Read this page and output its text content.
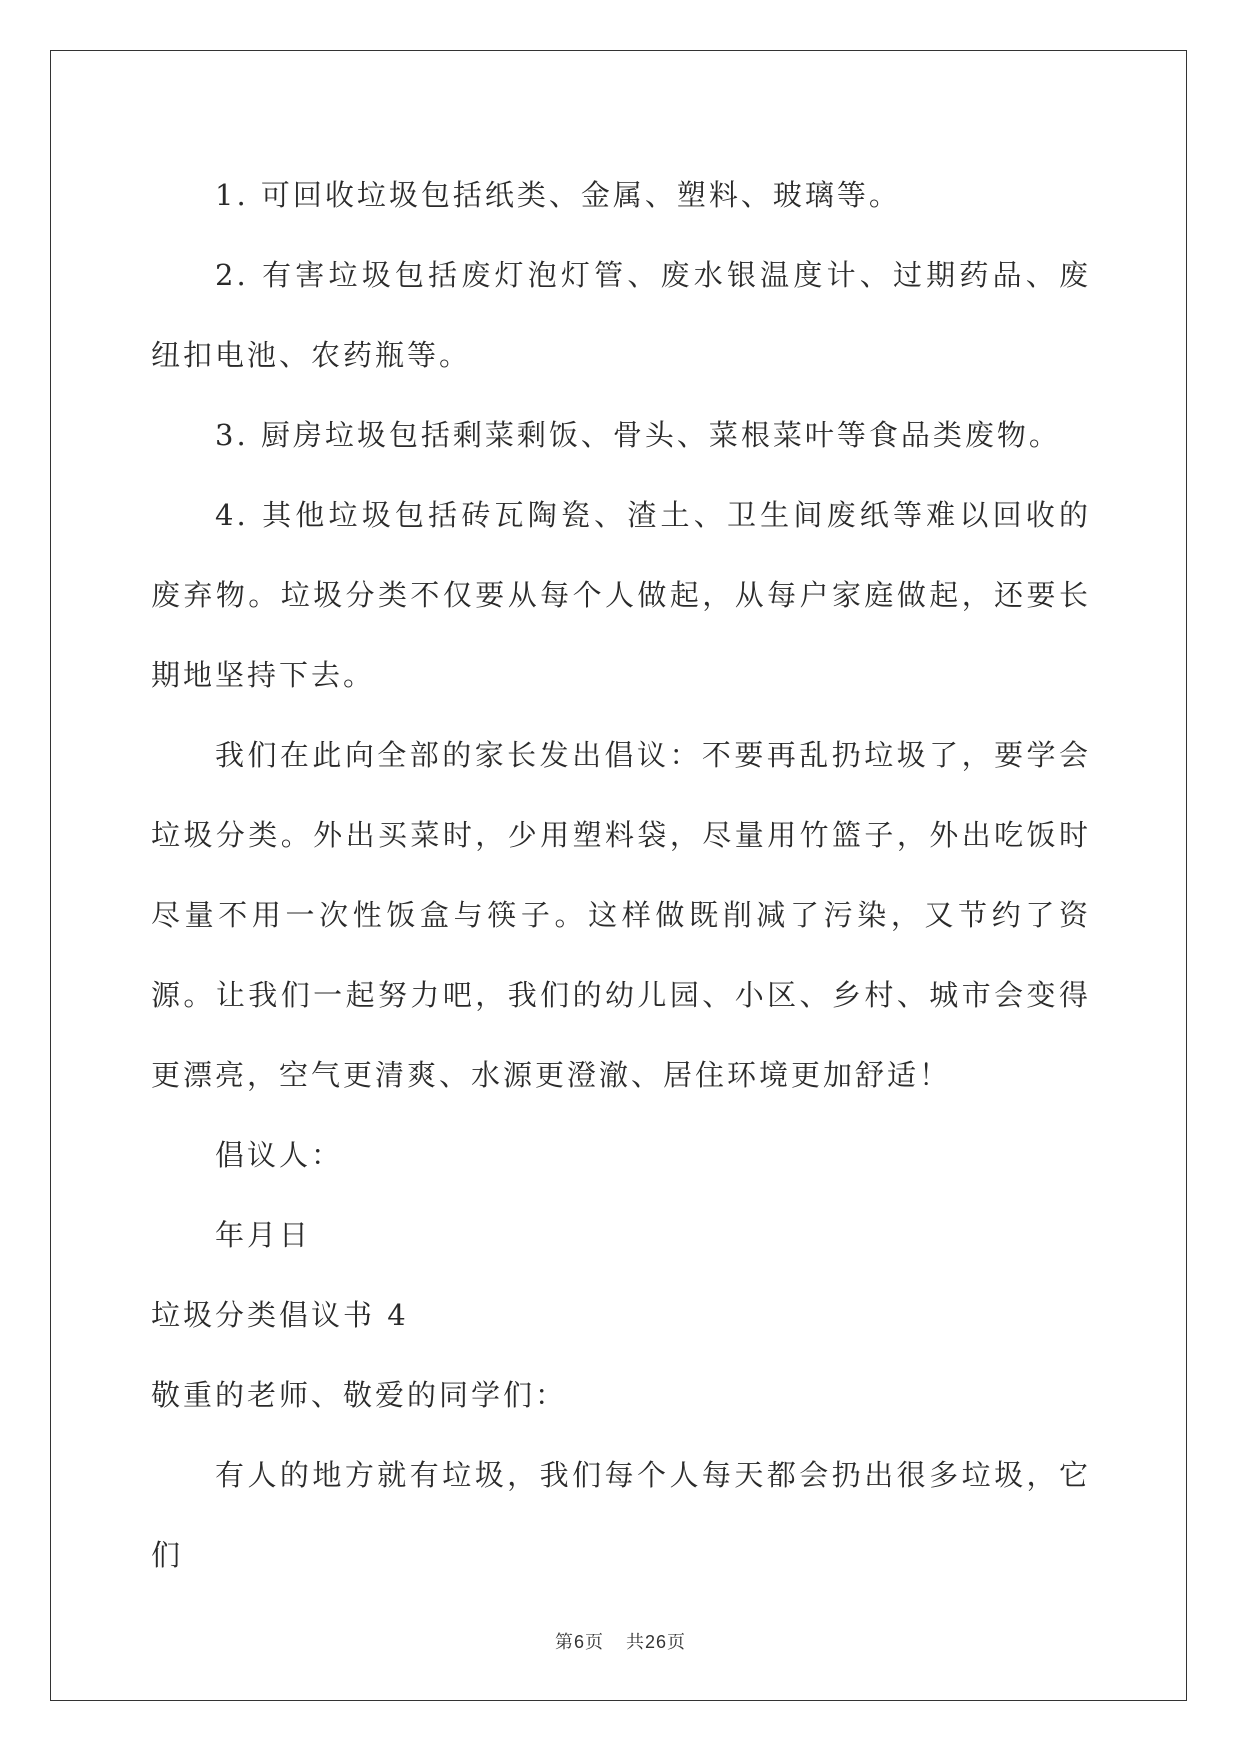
1. 可回收垃圾包括纸类、金属、塑料、玻璃等。

2. 有害垃圾包括废灯泡灯管、废水银温度计、过期药品、废纽扣电池、农药瓶等。

3. 厨房垃圾包括剩菜剩饭、骨头、菜根菜叶等食品类废物。

4. 其他垃圾包括砖瓦陶瓷、渣土、卫生间废纸等难以回收的废弃物。垃圾分类不仅要从每个人做起，从每户家庭做起，还要长期地坚持下去。

我们在此向全部的家长发出倡议：不要再乱扔垃圾了，要学会垃圾分类。外出买菜时，少用塑料袋，尽量用竹篮子，外出吃饭时尽量不用一次性饭盒与筷子。这样做既削减了污染，又节约了资源。让我们一起努力吧，我们的幼儿园、小区、乡村、城市会变得更漂亮，空气更清爽、水源更澄澈、居住环境更加舒适！

倡议人：

年月日

垃圾分类倡议书 4

敬重的老师、敬爱的同学们：

有人的地方就有垃圾，我们每个人每天都会扔出很多垃圾，它们

第6页 共26页
